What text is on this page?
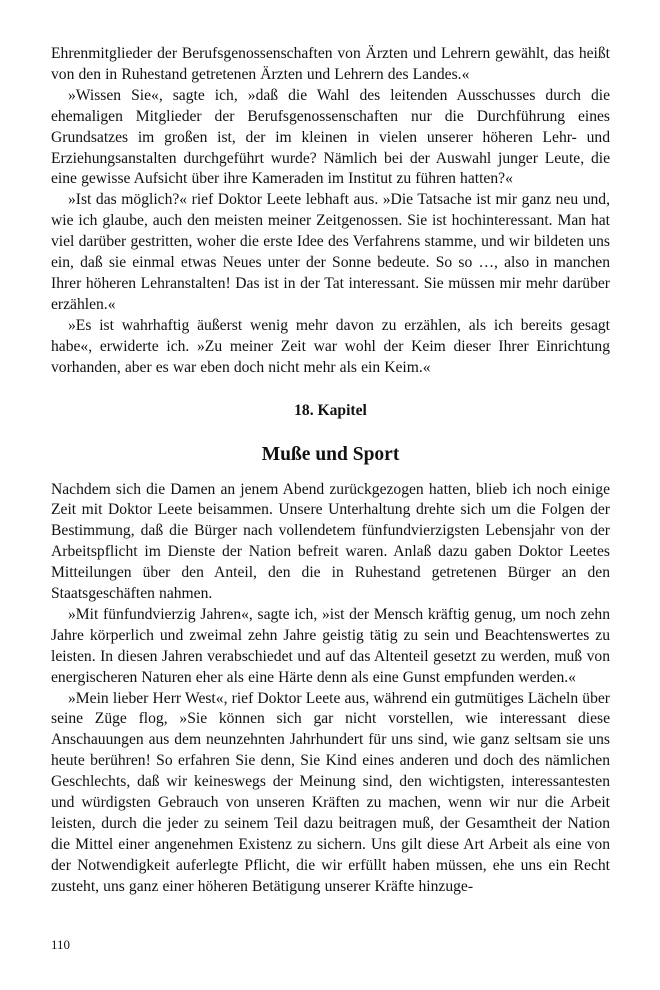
Ehrenmitglieder der Berufsgenossenschaften von Ärzten und Lehrern gewählt, das heißt von den in Ruhestand getretenen Ärzten und Lehrern des Landes.«

»Wissen Sie«, sagte ich, »daß die Wahl des leitenden Ausschusses durch die ehemaligen Mitglieder der Berufsgenossenschaften nur die Durchführung eines Grundsatzes im großen ist, der im kleinen in vielen unserer höheren Lehr- und Erziehungsanstalten durchgeführt wurde? Nämlich bei der Auswahl junger Leute, die eine gewisse Aufsicht über ihre Kameraden im Institut zu führen hatten?«

»Ist das möglich?« rief Doktor Leete lebhaft aus. »Die Tatsache ist mir ganz neu und, wie ich glaube, auch den meisten meiner Zeitgenossen. Sie ist hochinteressant. Man hat viel darüber gestritten, woher die erste Idee des Verfahrens stamme, und wir bildeten uns ein, daß sie einmal etwas Neues unter der Sonne bedeute. So so …, also in manchen Ihrer höheren Lehranstalten! Das ist in der Tat interessant. Sie müssen mir mehr darüber erzählen.«

»Es ist wahrhaftig äußerst wenig mehr davon zu erzählen, als ich bereits gesagt habe«, erwiderte ich. »Zu meiner Zeit war wohl der Keim dieser Ihrer Einrichtung vorhanden, aber es war eben doch nicht mehr als ein Keim.«

18. Kapitel
Muße und Sport

Nachdem sich die Damen an jenem Abend zurückgezogen hatten, blieb ich noch einige Zeit mit Doktor Leete beisammen. Unsere Unterhaltung drehte sich um die Folgen der Bestimmung, daß die Bürger nach vollendetem fünfundvierzigsten Lebensjahr von der Arbeitspflicht im Dienste der Nation befreit waren. Anlaß dazu gaben Doktor Leetes Mitteilungen über den Anteil, den die in Ruhestand getretenen Bürger an den Staatsgeschäften nahmen.

»Mit fünfundvierzig Jahren«, sagte ich, »ist der Mensch kräftig genug, um noch zehn Jahre körperlich und zweimal zehn Jahre geistig tätig zu sein und Beachtenswertes zu leisten. In diesen Jahren verabschiedet und auf das Altenteil gesetzt zu werden, muß von energischeren Naturen eher als eine Härte denn als eine Gunst empfunden werden.«

»Mein lieber Herr West«, rief Doktor Leete aus, während ein gutmütiges Lächeln über seine Züge flog, »Sie können sich gar nicht vorstellen, wie interessant diese Anschauungen aus dem neunzehnten Jahrhundert für uns sind, wie ganz seltsam sie uns heute berühren! So erfahren Sie denn, Sie Kind eines anderen und doch des nämlichen Geschlechts, daß wir keineswegs der Meinung sind, den wichtigsten, interessantesten und würdigsten Gebrauch von unseren Kräften zu machen, wenn wir nur die Arbeit leisten, durch die jeder zu seinem Teil dazu beitragen muß, der Gesamtheit der Nation die Mittel einer angenehmen Existenz zu sichern. Uns gilt diese Art Arbeit als eine von der Notwendigkeit auferlegte Pflicht, die wir erfüllt haben müssen, ehe uns ein Recht zusteht, uns ganz einer höheren Betätigung unserer Kräfte hinzuge-

110
